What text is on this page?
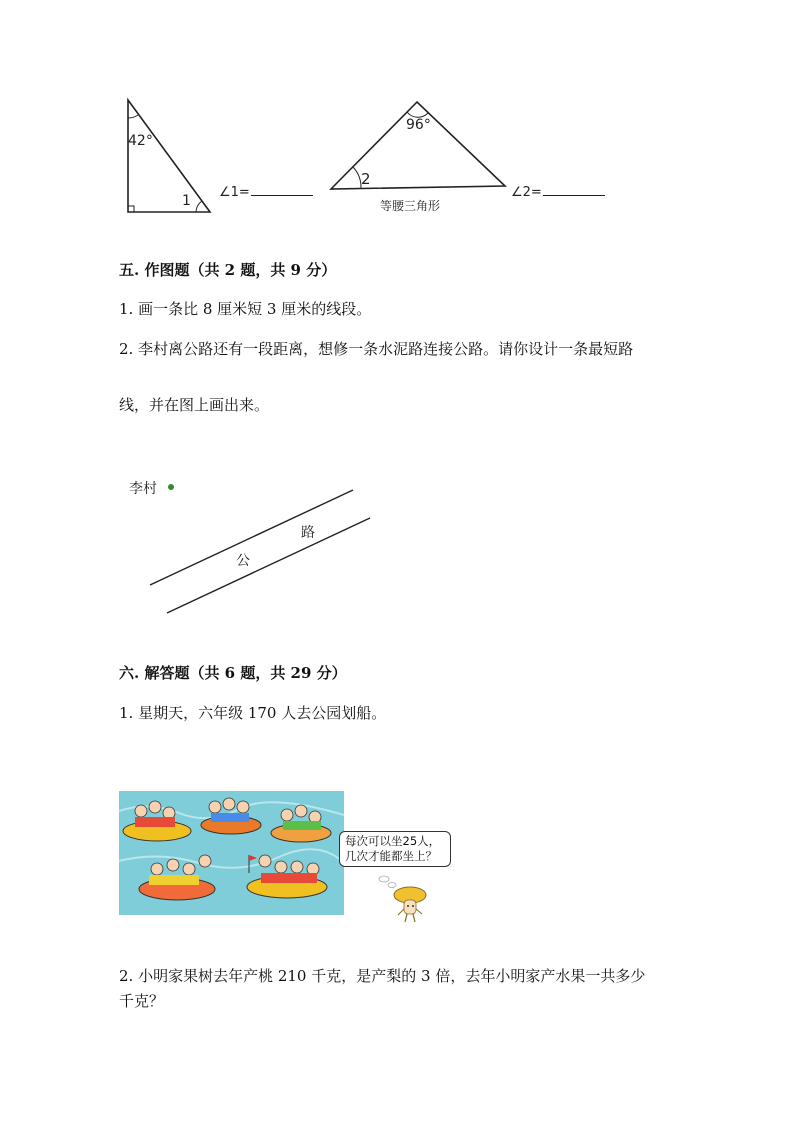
42°
1
∠1=
96°
2
等腰三角形
∠2=
五. 作图题（共 2 题，共 9 分）
1. 画一条比 8 厘米短 3 厘米的线段。
2. 李村离公路还有一段距离，想修一条水泥路连接公路。请你设计一条最短路
线，并在图上画出来。
李村
公
路
六. 解答题（共 6 题，共 29 分）
1. 星期天，六年级 170 人去公园划船。
每次可以坐25人，
几次才能都坐上？
2. 小明家果树去年产桃 210 千克，是产梨的 3 倍，去年小明家产水果一共多少
千克？
